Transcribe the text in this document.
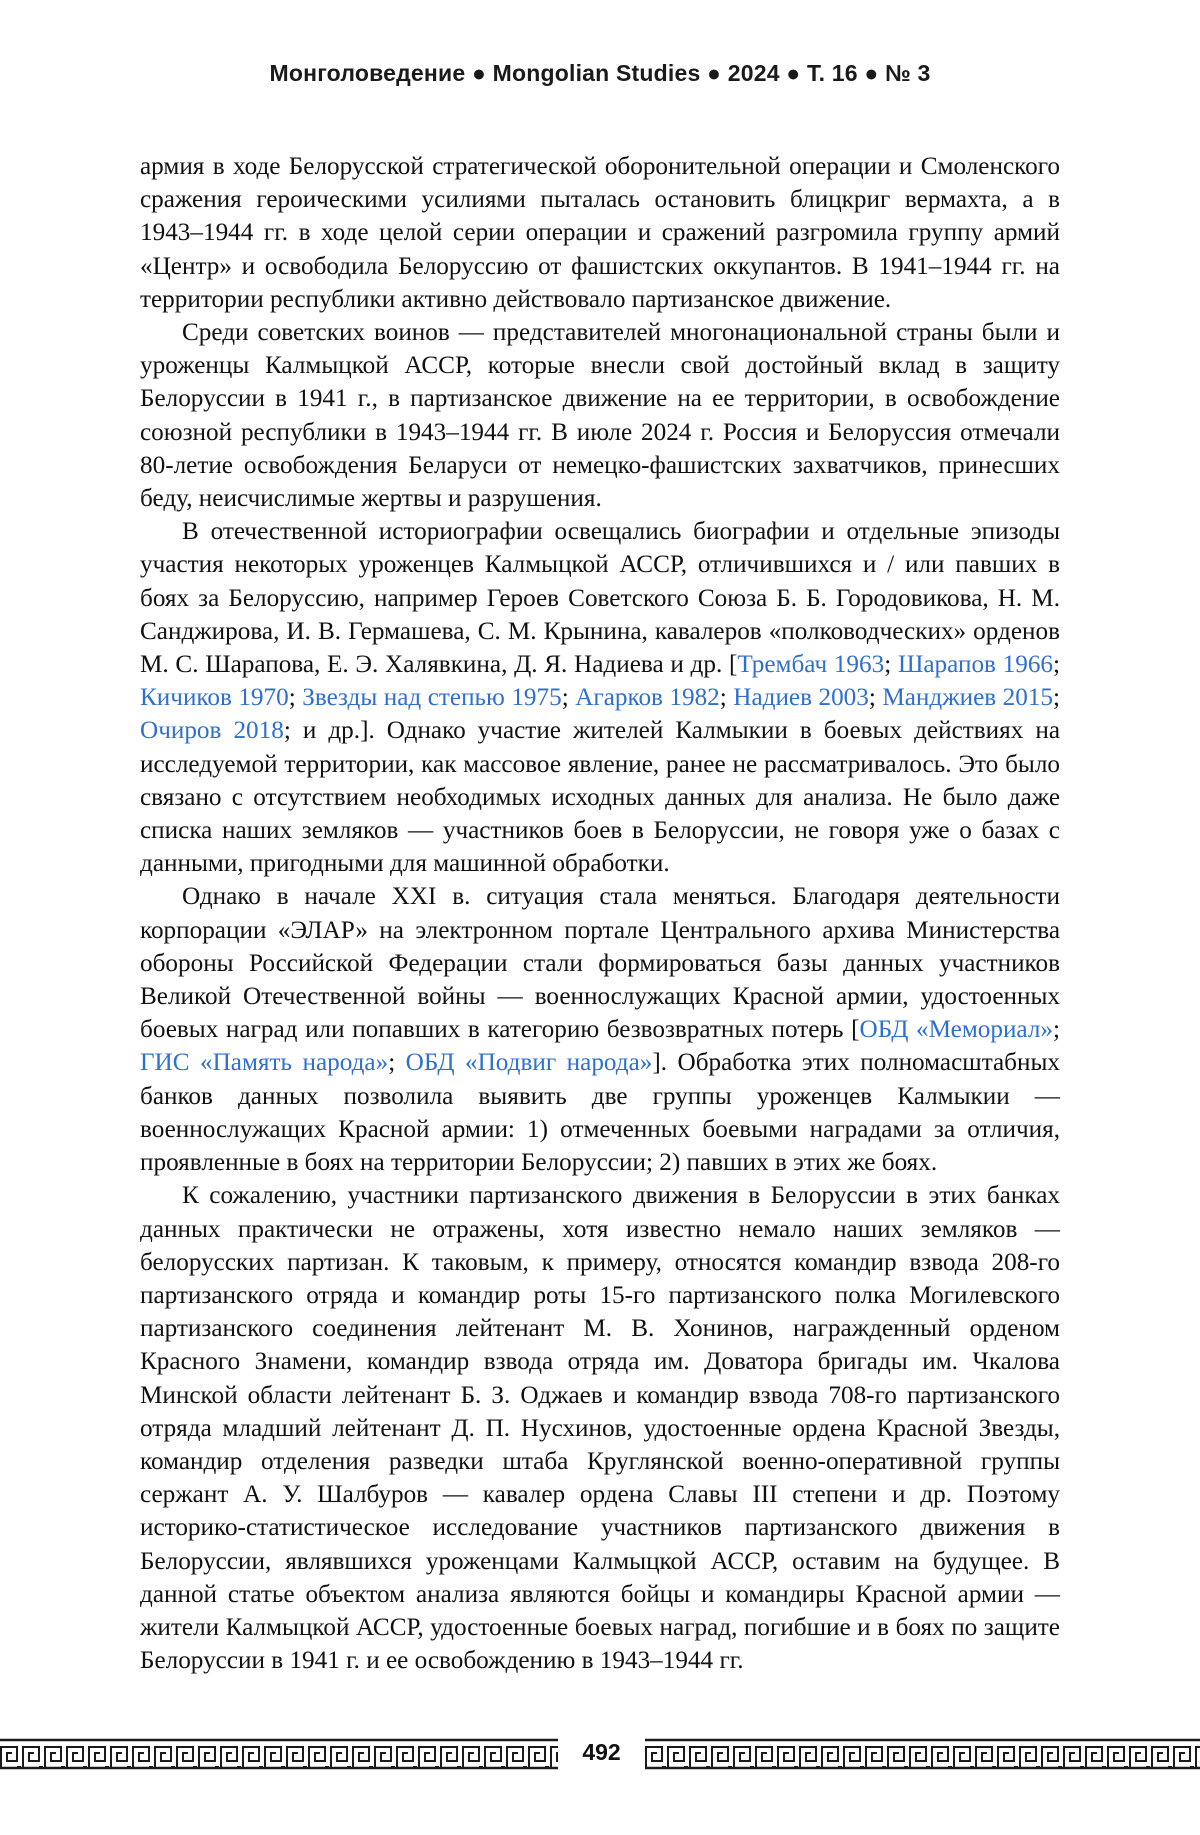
Монголоведение ● Mongolian Studies ● 2024 ● Т. 16 ● № 3

армия в ходе Белорусской стратегической оборонительной операции и Смоленского сражения героическими усилиями пыталась остановить блицкриг вермахта, а в 1943–1944 гг. в ходе целой серии операции и сражений разгромила группу армий «Центр» и освободила Белоруссию от фашистских оккупантов. В 1941–1944 гг. на территории республики активно действовало партизанское движение.

Среди советских воинов — представителей многонациональной страны были и уроженцы Калмыцкой АССР, которые внесли свой достойный вклад в защиту Белоруссии в 1941 г., в партизанское движение на ее территории, в освобождение союзной республики в 1943–1944 гг. В июле 2024 г. Россия и Белоруссия отмечали 80-летие освобождения Беларуси от немецко-фашистских захватчиков, принесших беду, неисчислимые жертвы и разрушения.

В отечественной историографии освещались биографии и отдельные эпизоды участия некоторых уроженцев Калмыцкой АССР, отличившихся и / или павших в боях за Белоруссию, например Героев Советского Союза Б. Б. Городовикова, Н. М. Санджирова, И. В. Гермашева, С. М. Крынина, кавалеров «полководческих» орденов М. С. Шарапова, Е. Э. Халявкина, Д. Я. Надиева и др. [Трембач 1963; Шарапов 1966; Кичиков 1970; Звезды над степью 1975; Агарков 1982; Надиев 2003; Манджиев 2015; Очиров 2018; и др.]. Однако участие жителей Калмыкии в боевых действиях на исследуемой территории, как массовое явление, ранее не рассматривалось. Это было связано с отсутствием необходимых исходных данных для анализа. Не было даже списка наших земляков — участников боев в Белоруссии, не говоря уже о базах с данными, пригодными для машинной обработки.

Однако в начале XXI в. ситуация стала меняться. Благодаря деятельности корпорации «ЭЛАР» на электронном портале Центрального архива Министерства обороны Российской Федерации стали формироваться базы данных участников Великой Отечественной войны — военнослужащих Красной армии, удостоенных боевых наград или попавших в категорию безвозвратных потерь [ОБД «Мемориал»; ГИС «Память народа»; ОБД «Подвиг народа»]. Обработка этих полномасштабных банков данных позволила выявить две группы уроженцев Калмыкии — военнослужащих Красной армии: 1) отмеченных боевыми наградами за отличия, проявленные в боях на территории Белоруссии; 2) павших в этих же боях.

К сожалению, участники партизанского движения в Белоруссии в этих банках данных практически не отражены, хотя известно немало наших земляков — белорусских партизан. К таковым, к примеру, относятся командир взвода 208-го партизанского отряда и командир роты 15-го партизанского полка Могилевского партизанского соединения лейтенант М. В. Хонинов, награжденный орденом Красного Знамени, командир взвода отряда им. Доватора бригады им. Чкалова Минской области лейтенант Б. З. Оджаев и командир взвода 708-го партизанского отряда младший лейтенант Д. П. Нусхинов, удостоенные ордена Красной Звезды, командир отделения разведки штаба Круглянской военно-оперативной группы сержант А. У. Шалбуров — кавалер ордена Славы III степени и др. Поэтому историко-статистическое исследование участников партизанского движения в Белоруссии, являвшихся уроженцами Калмыцкой АССР, оставим на будущее. В данной статье объектом анализа являются бойцы и командиры Красной армии — жители Калмыцкой АССР, удостоенные боевых наград, погибшие и в боях по защите Белоруссии в 1941 г. и ее освобождению в 1943–1944 гг.

492
